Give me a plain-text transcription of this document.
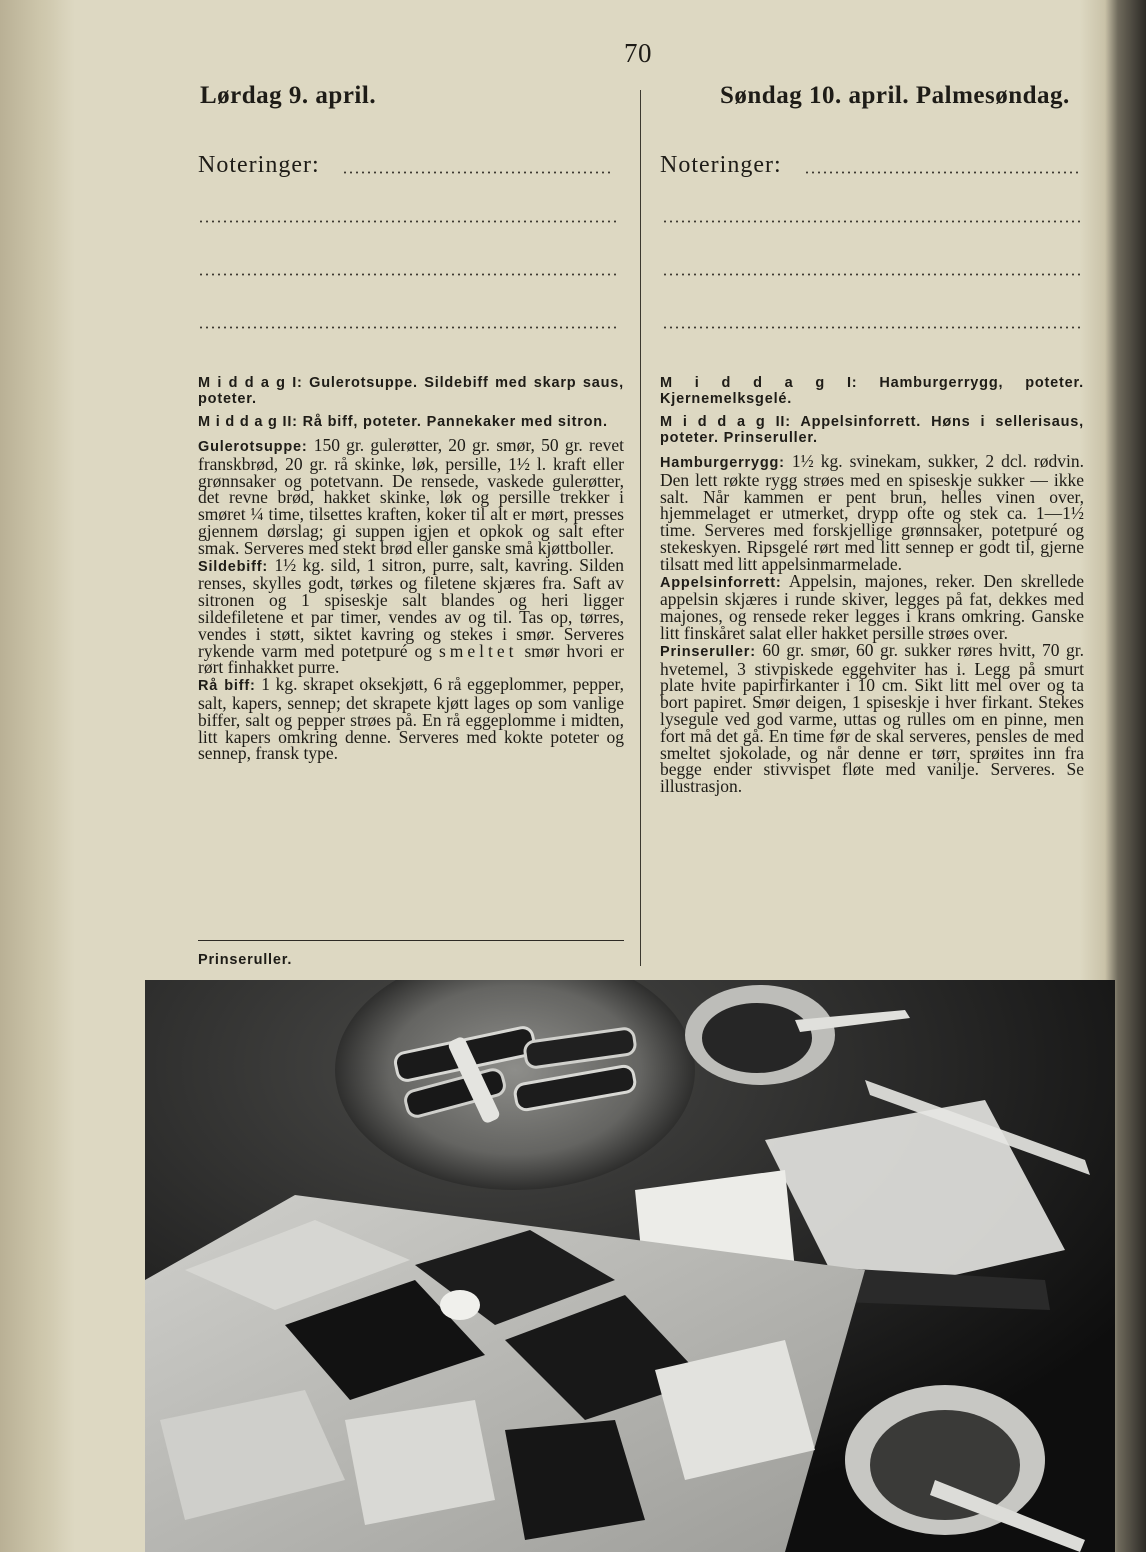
70
Lørdag 9. april.	Søndag 10. april. Palmesøndag.
Noteringer:	Noteringer:

M i d d a g I: Gulerotsuppe. Sildebiff med skarp saus, poteter.

M i d d a g II: Rå biff, poteter. Pannekaker med sitron.

Gulerotsuppe: 150 gr. gulerøtter, 20 gr. smør, 50 gr. revet franskbrød, 20 gr. rå skinke, løk, persille, 1½ l. kraft eller grønnsaker og potetvann. De rensede, vaskede gulerøtter, det revne brød, hakket skinke, løk og persille trekker i smøret ¼ time, tilsettes kraften, koker til alt er mørt, presses gjennem dørslag; gi suppen igjen et opkok og salt efter smak. Serveres med stekt brød eller ganske små kjøttboller.
Sildebiff: 1½ kg. sild, 1 sitron, purre, salt, kavring. Silden renses, skylles godt, tørkes og filetene skjæres fra. Saft av sitronen og 1 spiseskje salt blandes og heri ligger sildefiletene et par timer, vendes av og til. Tas op, tørres, vendes i støtt, siktet kavring og stekes i smør. Serveres rykende varm med potetpuré og smeltet smør hvori er rørt finhakket purre.
Rå biff: 1 kg. skrapet oksekjøtt, 6 rå eggeplommer, pepper, salt, kapers, sennep; det skrapete kjøtt lages op som vanlige biffer, salt og pepper strøes på. En rå eggeplomme i midten, litt kapers omkring denne. Serveres med kokte poteter og sennep, fransk type.

Prinseruller.

M i d d a g I: Hamburgerrygg, poteter. Kjernemelksgelé.

M i d d a g II: Appelsinforrett. Høns i sellerisaus, poteter. Prinseruller.

Hamburgerrygg: 1½ kg. svinekam, sukker, 2 dcl. rødvin. Den lett røkte rygg strøes med en spiseskje sukker — ikke salt. Når kammen er pent brun, helles vinen over, hjemmelaget er utmerket, drypp ofte og stek ca. 1—1½ time. Serveres med forskjellige grønnsaker, potetpuré og stekeskyen. Ripsgelé rørt med litt sennep er godt til, gjerne tilsatt med litt appelsinmarmelade.
Appelsinforrett: Appelsin, majones, reker. Den skrellede appelsin skjæres i runde skiver, legges på fat, dekkes med majones, og rensede reker legges i krans omkring. Ganske litt finskåret salat eller hakket persille strøes over.
Prinseruller: 60 gr. smør, 60 gr. sukker røres hvitt, 70 gr. hvetemel, 3 stivpiskede eggehviter has i. Legg på smurt plate hvite papirfirkanter i 10 cm. Sikt litt mel over og ta bort papiret. Smør deigen, 1 spiseskje i hver firkant. Stekes lysegule ved god varme, uttas og rulles om en pinne, men fort må det gå. En time før de skal serveres, pensles de med smeltet sjokolade, og når denne er tørr, sprøites inn fra begge ender stivvispet fløte med vanilje. Serveres. Se illustrasjon.
